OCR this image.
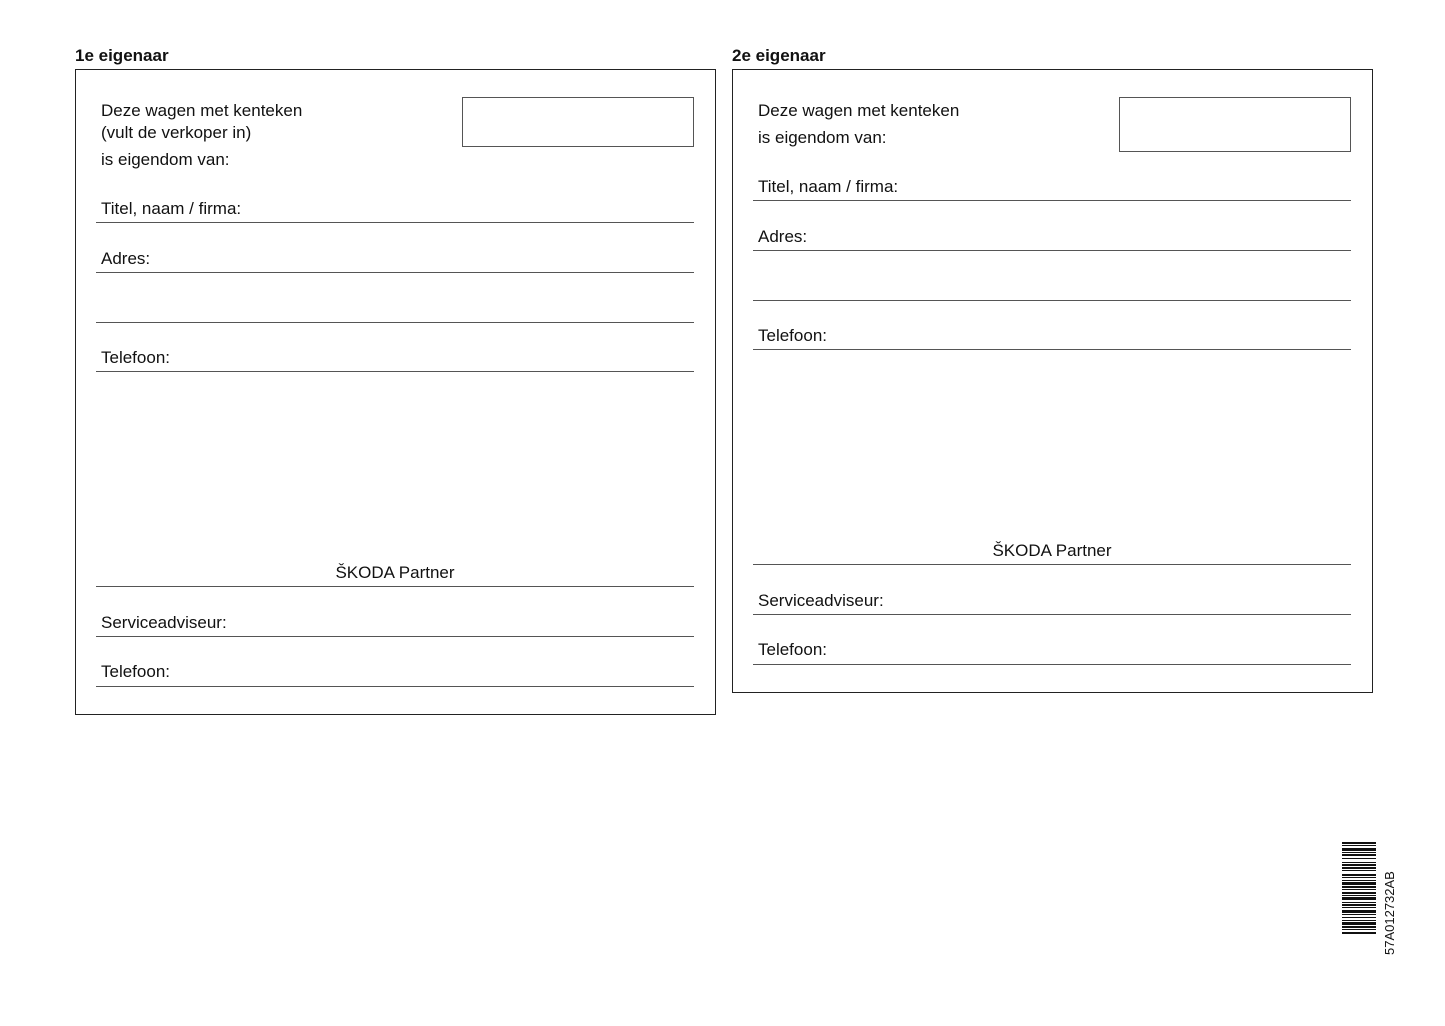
1e eigenaar
Deze wagen met kenteken
(vult de verkoper in)
is eigendom van:
Titel, naam / firma:
Adres:
Telefoon:
ŠKODA Partner
Serviceadviseur:
Telefoon:
2e eigenaar
Deze wagen met kenteken
is eigendom van:
Titel, naam / firma:
Adres:
Telefoon:
ŠKODA Partner
Serviceadviseur:
Telefoon:
57A012732AB
